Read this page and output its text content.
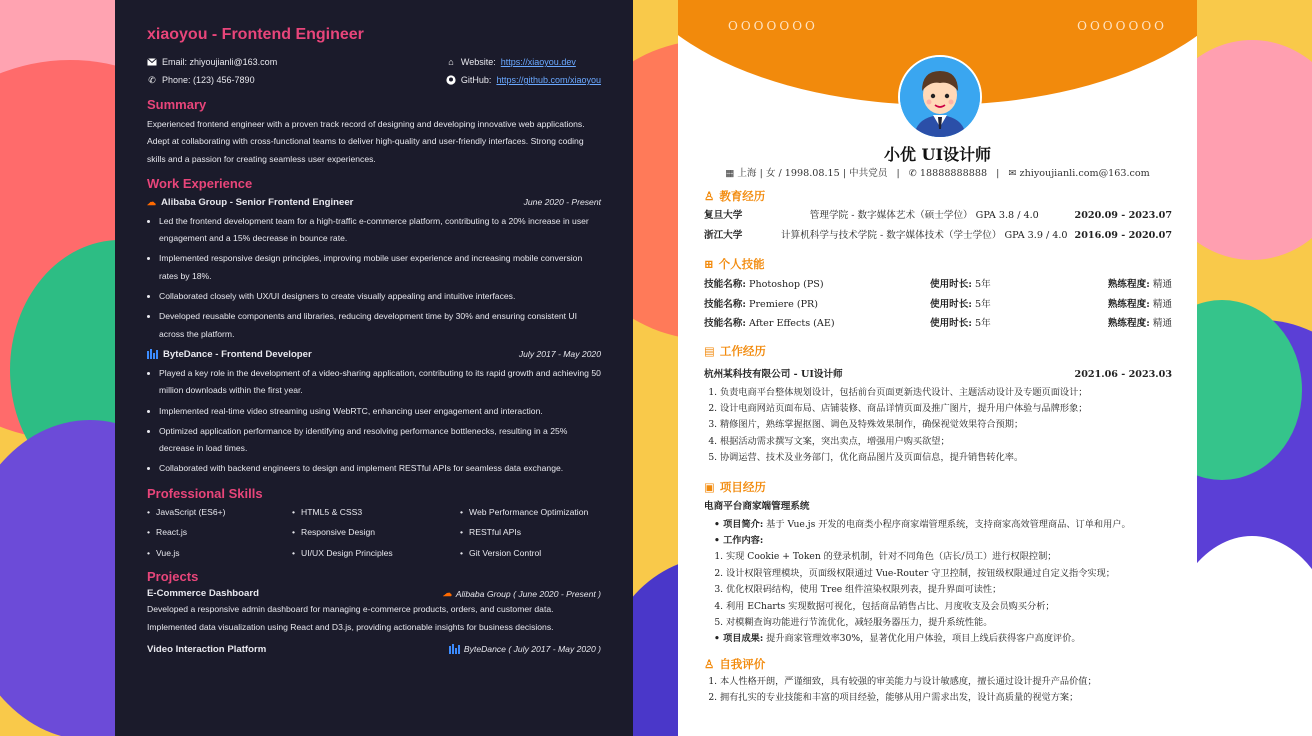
xiaoyou - Frontend Engineer
Email: zhiyoujianli@163.com
✆ Phone: (123) 456-7890
⌂ Website: https://xiaoyou.dev
GitHub: https://github.com/xiaoyou
Summary

Experienced frontend engineer with a proven track record of designing and developing innovative web applications. Adept at collaborating with cross-functional teams to deliver high-quality and user-friendly interfaces. Strong coding skills and a passion for creating seamless user experiences.

Work Experience
☁ Alibaba Group - Senior Frontend Engineer	June 2020 - Present
• Led the frontend development team for a high-traffic e-commerce platform, contributing to a 20% increase in user engagement and a 15% decrease in bounce rate.
• Implemented responsive design principles, improving mobile user experience and increasing mobile conversion rates by 18%.
• Collaborated closely with UX/UI designers to create visually appealing and intuitive interfaces.
• Developed reusable components and libraries, reducing development time by 30% and ensuring consistent UI across the platform.
ByteDance - Frontend Developer	July 2017 - May 2020
• Played a key role in the development of a video-sharing application, contributing to its rapid growth and achieving 50 million downloads within the first year.
• Implemented real-time video streaming using WebRTC, enhancing user engagement and interaction.
• Optimized application performance by identifying and resolving performance bottlenecks, resulting in a 25% decrease in load times.
• Collaborated with backend engineers to design and implement RESTful APIs for seamless data exchange.
Professional Skills
• JavaScript (ES6+)	• HTML5 & CSS3	• Web Performance Optimization
• React.js	• Responsive Design	• RESTful APIs
• Vue.js	• UI/UX Design Principles	• Git Version Control
Projects
E-Commerce Dashboard	☁ Alibaba Group ( June 2020 - Present )

Developed a responsive admin dashboard for managing e-commerce products, orders, and customer data. Implemented data visualization using React and D3.js, providing actionable insights for business decisions.

Video Interaction Platform	ByteDance ( July 2017 - May 2020 )
OOOOOOO	OOOOOOO
小优 UI设计师
▦ 上海 | 女 / 1998.08.15 | 中共党员 | ✆ 18888888888 | ✉ zhiyoujianli.com@163.com
♙ 教育经历
复旦大学	管理学院 - 数字媒体艺术（硕士学位） GPA 3.8 / 4.0	2020.09 - 2023.07
浙江大学	计算机科学与技术学院 - 数字媒体技术（学士学位） GPA 3.9 / 4.0 2016.09 - 2020.07
⊞ 个人技能
技能名称: Photoshop (PS)	使用时长: 5年	熟练程度: 精通
技能名称: Premiere (PR)	使用时长: 5年	熟练程度: 精通
技能名称: After Effects (AE)	使用时长: 5年	熟练程度: 精通
▤ 工作经历
杭州某科技有限公司 - UI设计师	2021.06 - 2023.03
1. 负责电商平台整体规划设计，包括前台页面更新迭代设计、主题活动设计及专题页面设计；
2. 设计电商网站页面布局、店铺装修、商品详情页面及推广图片，提升用户体验与品牌形象；
3. 精修图片，熟练掌握抠图、调色及特殊效果制作，确保视觉效果符合预期；
4. 根据活动需求撰写文案，突出卖点，增强用户购买欲望；
5. 协调运营、技术及业务部门，优化商品图片及页面信息，提升销售转化率。
▣ 项目经历
电商平台商家端管理系统
• 项目简介: 基于 Vue.js 开发的电商类小程序商家端管理系统，支持商家高效管理商品、订单和用户。
• 工作内容:
1. 实现 Cookie + Token 的登录机制，针对不同角色（店长/员工）进行权限控制；
2. 设计权限管理模块，页面级权限通过 Vue-Router 守卫控制，按钮级权限通过自定义指令实现；
3. 优化权限码结构，使用 Tree 组件渲染权限列表，提升界面可读性；
4. 利用 ECharts 实现数据可视化，包括商品销售占比、月度收支及会员购买分析；
5. 对模糊查询功能进行节流优化，减轻服务器压力，提升系统性能。
• 项目成果: 提升商家管理效率30%，显著优化用户体验，项目上线后获得客户高度评价。
♙ 自我评价
1. 本人性格开朗，严谨细致，具有较强的审美能力与设计敏感度，擅长通过设计提升产品价值；
2. 拥有扎实的专业技能和丰富的项目经验，能够从用户需求出发，设计高质量的视觉方案；
